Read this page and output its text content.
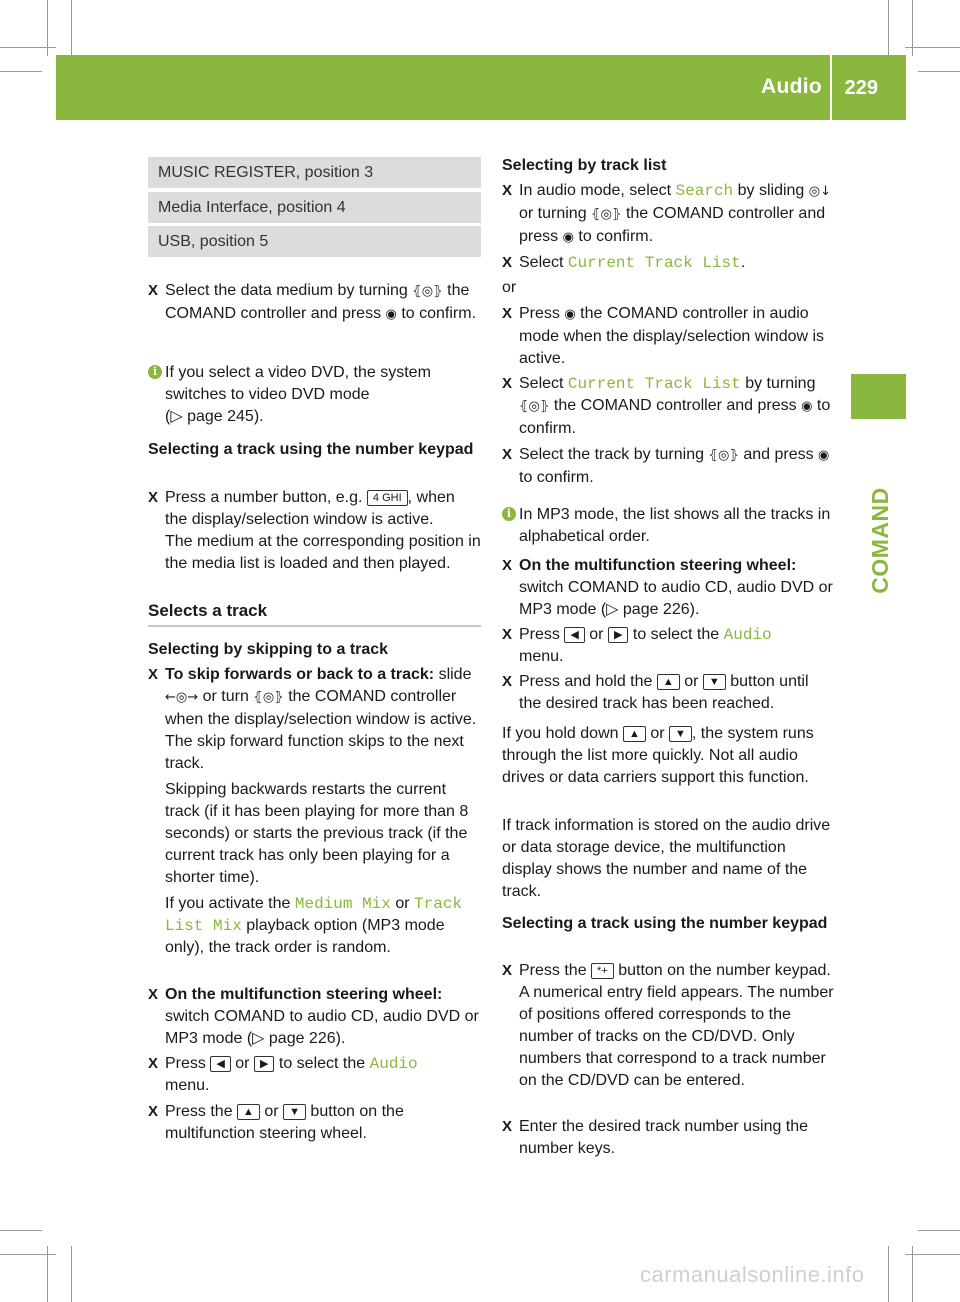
Audio 229
COMAND
MUSIC REGISTER, position 3
Media Interface, position 4
USB, position 5
X Select the data medium by turning ⦃◎⦄ the COMAND controller and press ◉ to confirm.
i If you select a video DVD, the system switches to video DVD mode
(▷ page 245).
Selecting a track using the number keypad
X Press a number button, e.g. 4 GHI , when the display/selection window is active.
The medium at the corresponding position in the media list is loaded and then played.
Selects a track
Selecting by skipping to a track
X To skip forwards or back to a track: slide ←◎→ or turn ⦃◎⦄ the COMAND controller when the display/selection window is active.
The skip forward function skips to the next track.

Skipping backwards restarts the current track (if it has been playing for more than 8 seconds) or starts the previous track (if the current track has only been playing for a shorter time).

If you activate the Medium Mix or Track List Mix playback option (MP3 mode only), the track order is random.

X On the multifunction steering wheel:
switch COMAND to audio CD, audio DVD or MP3 mode (▷ page 226).
X Press ◀ or ▶ to select the Audio
menu.
X Press the ▲ or ▼ button on the multifunction steering wheel.
Selecting by track list
X In audio mode, select Search by sliding ◎↓ or turning ⦃◎⦄ the COMAND controller and press ◉ to confirm.
X Select Current Track List.
or
X Press ◉ the COMAND controller in audio mode when the display/selection window is active.
X Select Current Track List by turning ⦃◎⦄ the COMAND controller and press ◉ to confirm.
X Select the track by turning ⦃◎⦄ and press ◉ to confirm.
i In MP3 mode, the list shows all the tracks in alphabetical order.
X On the multifunction steering wheel:
switch COMAND to audio CD, audio DVD or MP3 mode (▷ page 226).
X Press ◀ or ▶ to select the Audio
menu.
X Press and hold the ▲ or ▼ button until the desired track has been reached.
If you hold down ▲ or ▼ , the system runs through the list more quickly. Not all audio drives or data carriers support this function.
If track information is stored on the audio drive or data storage device, the multifunction display shows the number and name of the track.
Selecting a track using the number keypad
X Press the *+ button on the number keypad.
A numerical entry field appears. The number of positions offered corresponds to the number of tracks on the CD/DVD. Only numbers that correspond to a track number on the CD/DVD can be entered.
X Enter the desired track number using the number keys.
carmanualsonline.info
